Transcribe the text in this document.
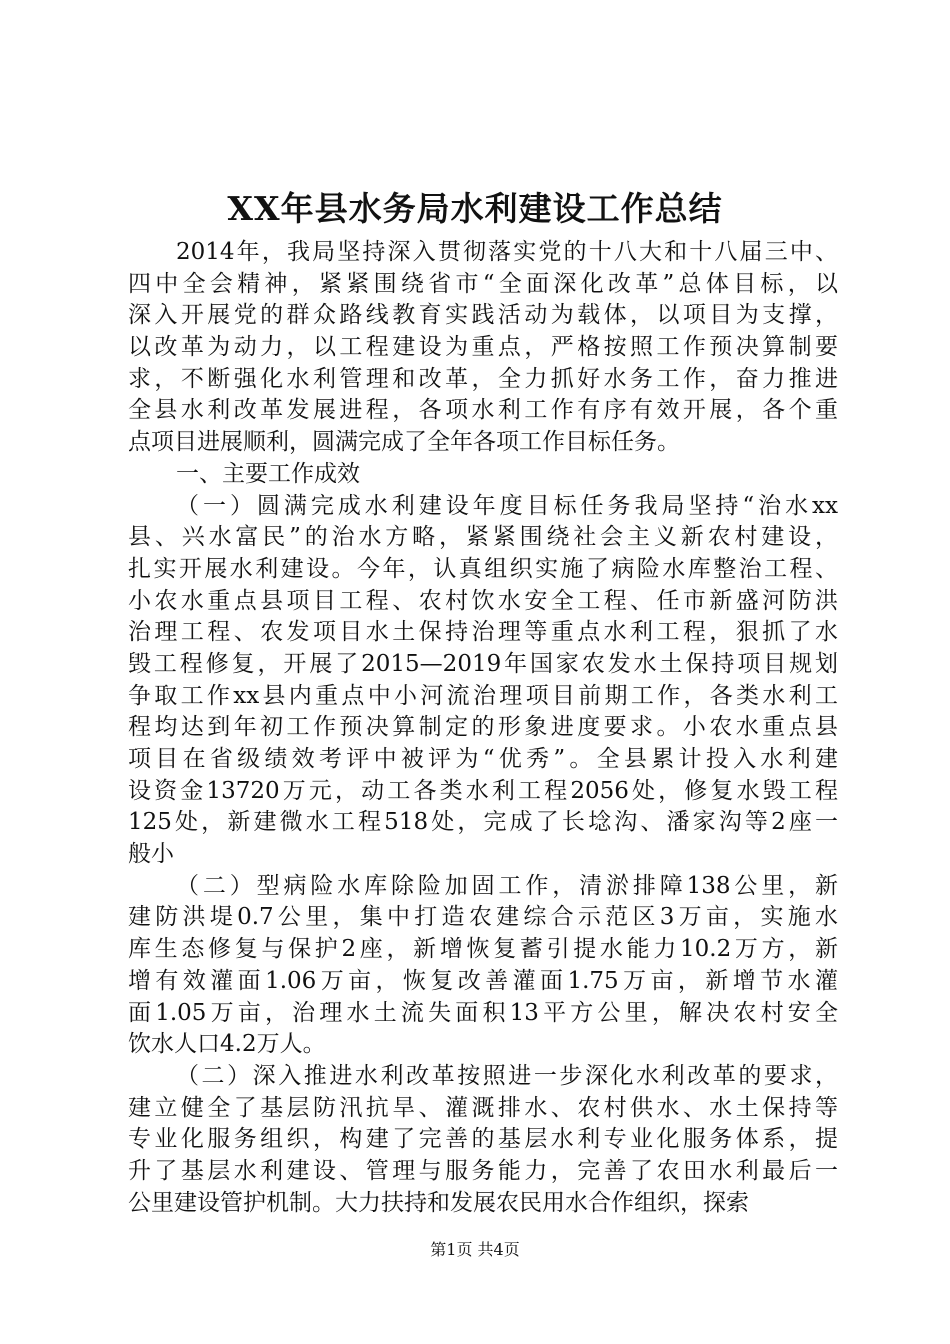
XX年县水务局水利建设工作总结
2014年，我局坚持深入贯彻落实党的十八大和十八届三中、
四中全会精神，紧紧围绕省市“全面深化改革”总体目标，以
深入开展党的群众路线教育实践活动为载体，以项目为支撑，
以改革为动力，以工程建设为重点，严格按照工作预决算制要
求，不断强化水利管理和改革，全力抓好水务工作，奋力推进
全县水利改革发展进程，各项水利工作有序有效开展，各个重
点项目进展顺利，圆满完成了全年各项工作目标任务。
一、主要工作成效
（一）圆满完成水利建设年度目标任务我局坚持“治水xx
县、兴水富民”的治水方略，紧紧围绕社会主义新农村建设，
扎实开展水利建设。今年，认真组织实施了病险水库整治工程、
小农水重点县项目工程、农村饮水安全工程、任市新盛河防洪
治理工程、农发项目水土保持治理等重点水利工程，狠抓了水
毁工程修复，开展了2015—2019年国家农发水土保持项目规划
争取工作xx县内重点中小河流治理项目前期工作，各类水利工
程均达到年初工作预决算制定的形象进度要求。小农水重点县
项目在省级绩效考评中被评为“优秀”。全县累计投入水利建
设资金13720万元，动工各类水利工程2056处，修复水毁工程
125处，新建微水工程518处，完成了长埝沟、潘家沟等2座一
般小
（二）型病险水库除险加固工作，清淤排障138公里，新
建防洪堤0.7公里，集中打造农建综合示范区3万亩，实施水
库生态修复与保护2座，新增恢复蓄引提水能力10.2万方，新
增有效灌面1.06万亩，恢复改善灌面1.75万亩，新增节水灌
面1.05万亩，治理水土流失面积13平方公里，解决农村安全
饮水人口4.2万人。
（二）深入推进水利改革按照进一步深化水利改革的要求，
建立健全了基层防汛抗旱、灌溉排水、农村供水、水土保持等
专业化服务组织，构建了完善的基层水利专业化服务体系，提
升了基层水利建设、管理与服务能力，完善了农田水利最后一
公里建设管护机制。大力扶持和发展农民用水合作组织，探索
第1页 共4页
